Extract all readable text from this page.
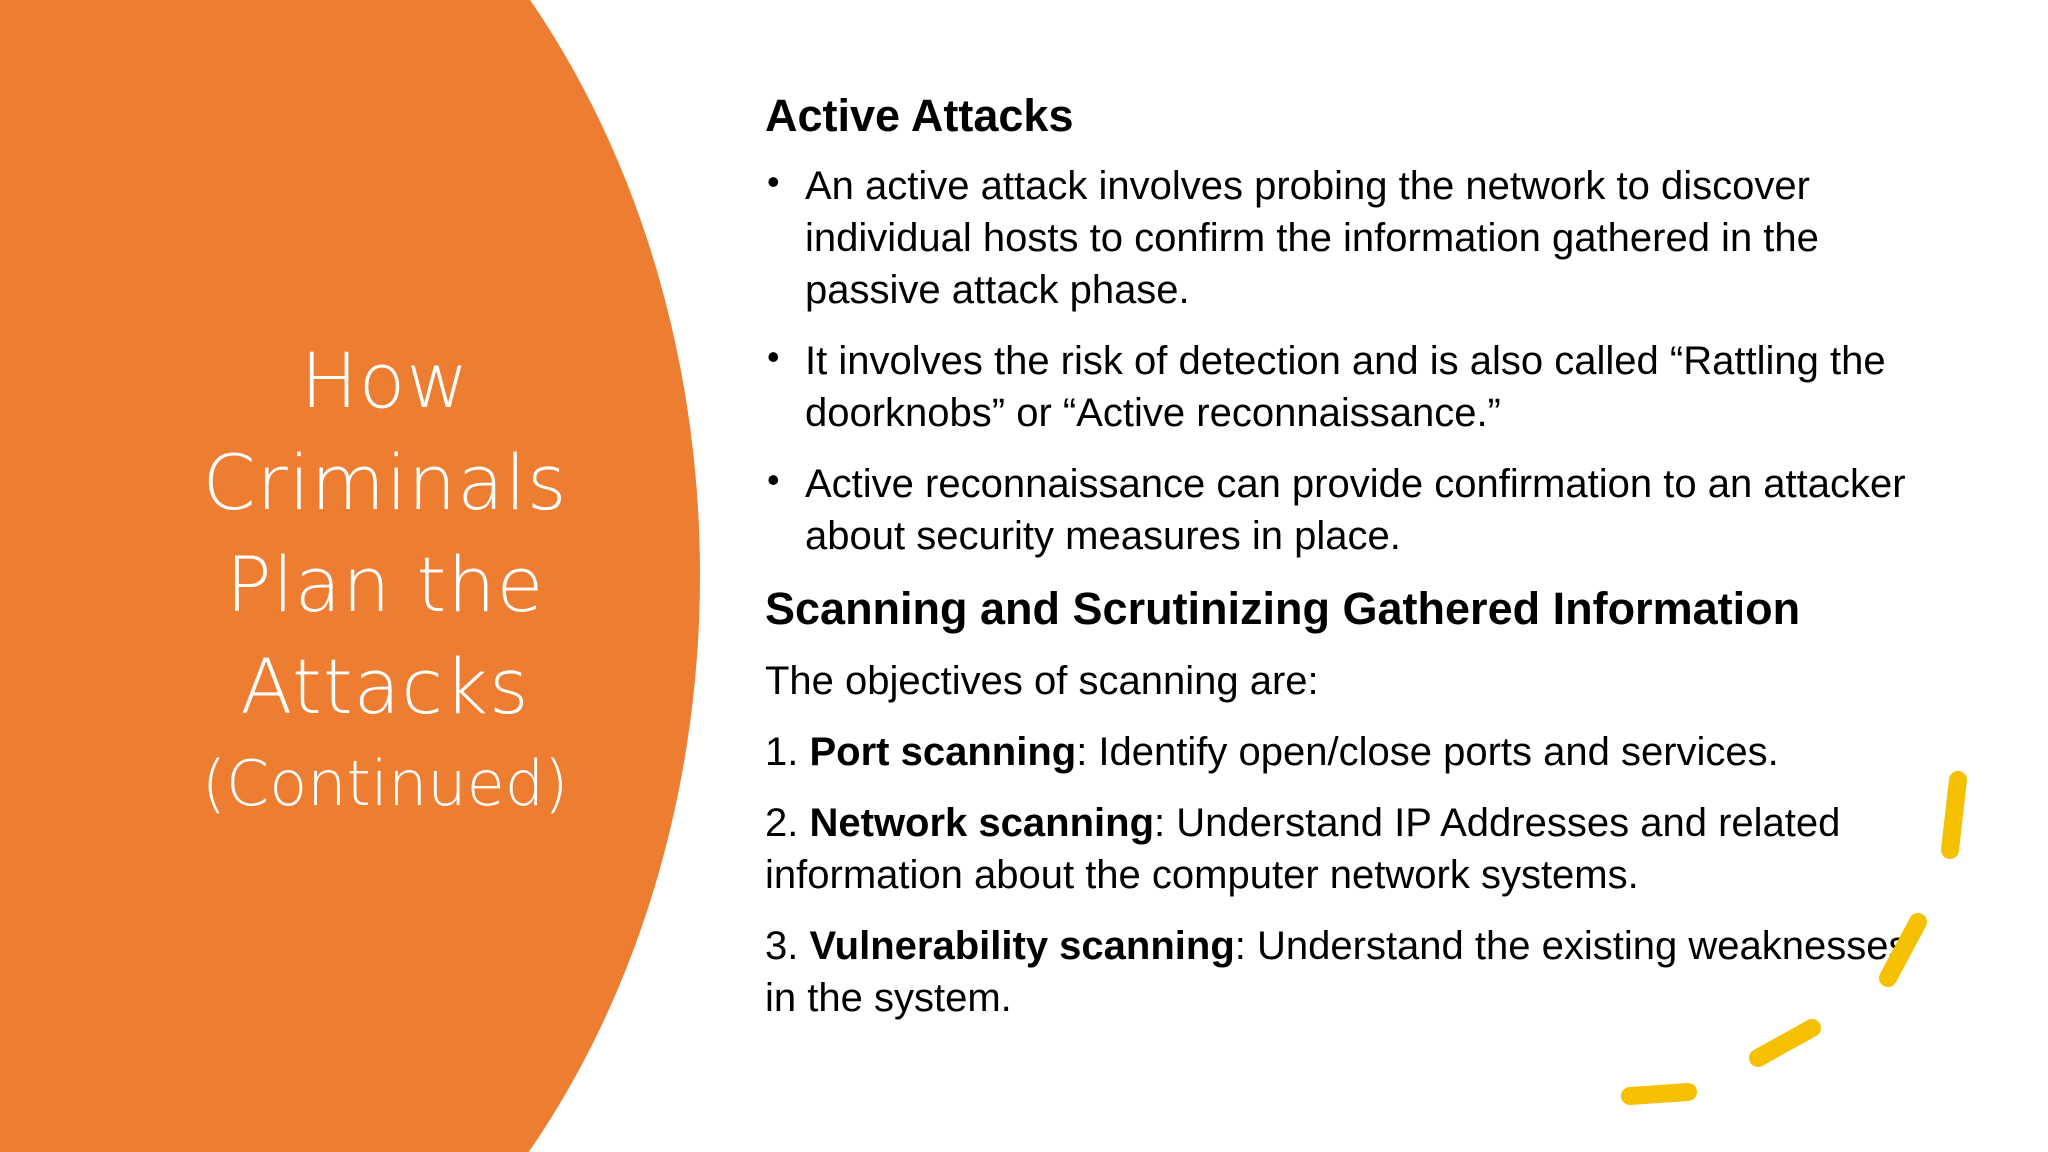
How
Criminals
Plan the
Attacks
(Continued)
Active Attacks
• An active attack involves probing the network to discover individual hosts to confirm the information gathered in the passive attack phase.
• It involves the risk of detection and is also called “Rattling the doorknobs” or “Active reconnaissance.”
• Active reconnaissance can provide confirmation to an attacker about security measures in place.
Scanning and Scrutinizing Gathered Information

The objectives of scanning are:

1. Port scanning: Identify open/close ports and services.

2. Network scanning: Understand IP Addresses and related information about the computer network systems.

3. Vulnerability scanning: Understand the existing weaknesses in the system.
